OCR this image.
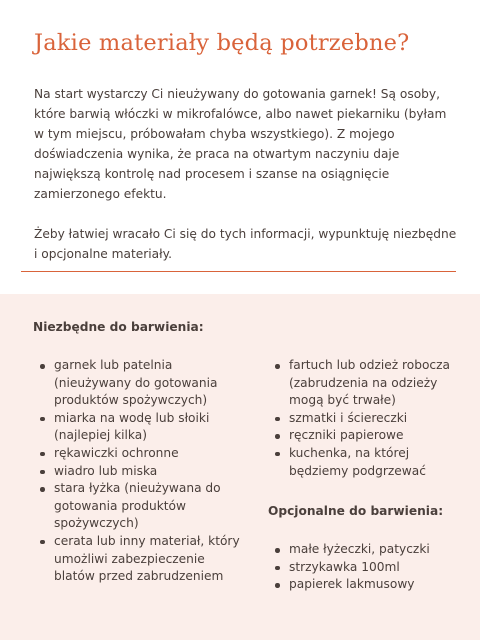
Jakie materiały będą potrzebne?

Na start wystarczy Ci nieużywany do gotowania garnek! Są osoby, które barwią włóczki w mikrofalówce, albo nawet piekarniku (byłam w tym miejscu, próbowałam chyba wszystkiego). Z mojego doświadczenia wynika, że praca na otwartym naczyniu daje największą kontrolę nad procesem i szanse na osiągnięcie zamierzonego efektu.

Żeby łatwiej wracało Ci się do tych informacji, wypunktuję niezbędne i opcjonalne materiały.

Niezbędne do barwienia:
garnek lub patelnia (nieużywany do gotowania produktów spożywczych)
miarka na wodę lub słoiki (najlepiej kilka)
rękawiczki ochronne
wiadro lub miska
stara łyżka (nieużywana do gotowania produktów spożywczych)
cerata lub inny materiał, który umożliwi zabezpieczenie blatów przed zabrudzeniem
fartuch lub odzież robocza (zabrudzenia na odzieży mogą być trwałe)
szmatki i ściereczki
ręczniki papierowe
kuchenka, na której będziemy podgrzewać
Opcjonalne do barwienia:
małe łyżeczki, patyczki
strzykawka 100ml
papierek lakmusowy
